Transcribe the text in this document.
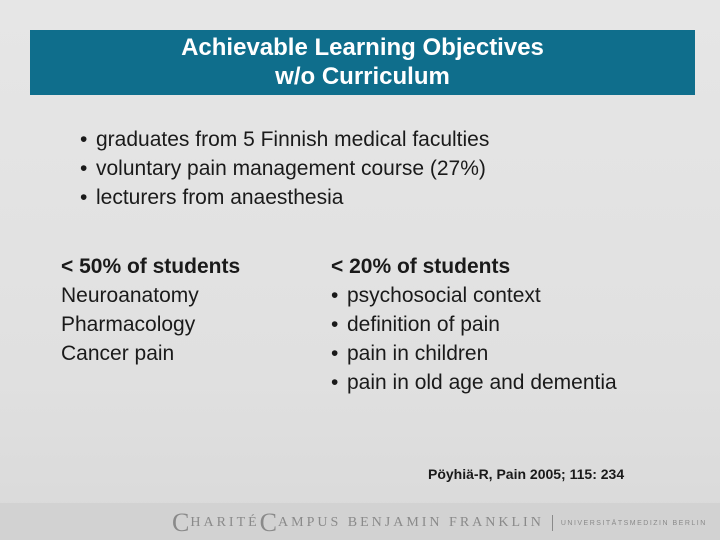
Achievable Learning Objectives
w/o Curriculum
• graduates from 5 Finnish medical faculties
• voluntary pain management course (27%)
• lecturers from anaesthesia
< 50% of students
Neuroanatomy
Pharmacology
Cancer pain
< 20% of students
• psychosocial context
• definition of pain
• pain in children
• pain in old age and dementia
Pöyhiä-R, Pain 2005; 115: 234
C HARITÉ C AMPUS BENJAMIN FRANKLIN UNIVERSITÄTSMEDIZIN BERLIN
